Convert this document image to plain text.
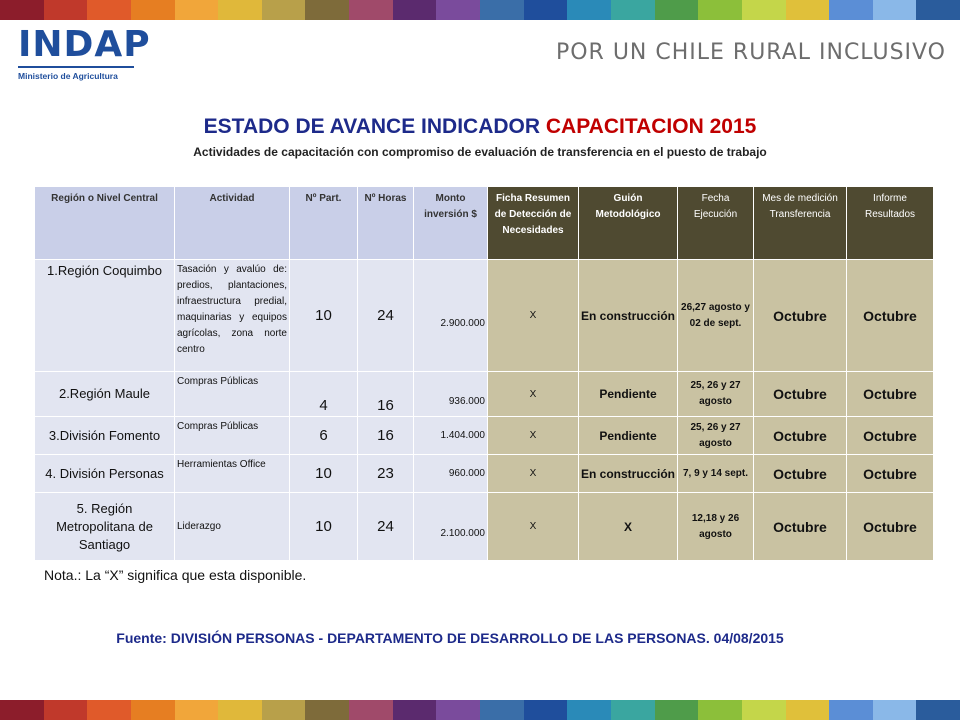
INDAP
Ministerio de Agricultura
POR UN CHILE RURAL INCLUSIVO
ESTADO DE AVANCE INDICADOR CAPACITACION 2015
Actividades de capacitación con compromiso de evaluación de transferencia en el puesto de trabajo
Región o Nivel Central	Actividad	Nº Part.	Nº Horas	Monto inversión $	Ficha Resumen de Detección de Necesidades	Guión Metodológico	Fecha Ejecución	Mes de medición Transferencia	Informe Resultados
1.Región Coquimbo	Tasación y avalúo de: predios, plantaciones, infraestructura predial, maquinarias y equipos agrícolas, zona norte centro	10	24	2.900.000	X	En construcción	26,27 agosto y 02 de sept.	Octubre	Octubre
2.Región Maule	Compras Públicas	4	16	936.000	X	Pendiente	25, 26 y 27 agosto	Octubre	Octubre
3.División Fomento	Compras Públicas	6	16	1.404.000	X	Pendiente	25, 26 y 27 agosto	Octubre	Octubre
4. División Personas	Herramientas Office	10	23	960.000	X	En construcción	7, 9 y 14 sept.	Octubre	Octubre
5. Región Metropolitana de Santiago	Liderazgo	10	24	2.100.000	X	X	12,18 y 26 agosto	Octubre	Octubre
Nota.: La “X” significa que esta disponible.
Fuente: DIVISIÓN PERSONAS - DEPARTAMENTO DE DESARROLLO DE LAS PERSONAS. 04/08/2015
